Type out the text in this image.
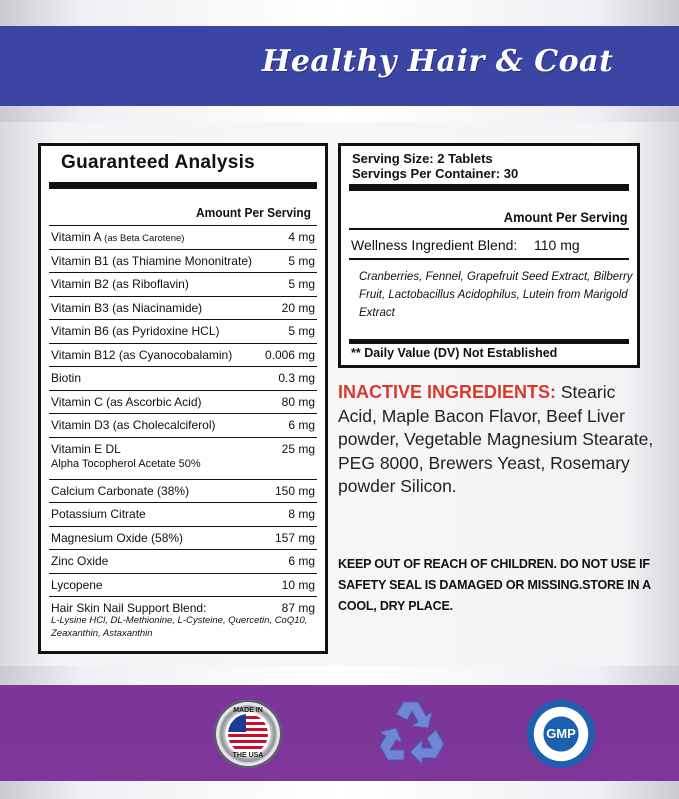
Healthy Hair & Coat
Guaranteed Analysis
Amount Per Serving
Vitamin A (as Beta Carotene)	4 mg
Vitamin B1 (as Thiamine Mononitrate)	5 mg
Vitamin B2 (as Riboflavin)	5 mg
Vitamin B3 (as Niacinamide)	20 mg
Vitamin B6 (as Pyridoxine HCL)	5 mg
Vitamin B12 (as Cyanocobalamin)	0.006 mg
Biotin	0.3 mg
Vitamin C (as Ascorbic Acid)	80 mg
Vitamin D3 (as Cholecalciferol)	6 mg
Vitamin E DL	25 mg
Alpha Tocopherol Acetate 50%
Calcium Carbonate (38%)	150 mg
Potassium Citrate	8 mg
Magnesium Oxide (58%)	157 mg
Zinc Oxide	6 mg
Lycopene	10 mg
Hair Skin Nail Support Blend:	87 mg
L-Lysine HCl, DL-Methionine, L-Cysteine, Quercetin, CoQ10, Zeaxanthin, Astaxanthin
Serving Size: 2 Tablets
Servings Per Container: 30
Amount Per Serving
Wellness Ingredient Blend: 110 mg
Cranberries, Fennel, Grapefruit Seed Extract, Bilberry Fruit, Lactobacillus Acidophilus, Lutein from Marigold Extract
** Daily Value (DV) Not Established
INACTIVE INGREDIENTS: Stearic Acid, Maple Bacon Flavor, Beef Liver powder, Vegetable Magnesium Stearate, PEG 8000, Brewers Yeast, Rosemary powder Silicon.
KEEP OUT OF REACH OF CHILDREN. DO NOT USE IF SAFETY SEAL IS DAMAGED OR MISSING.STORE IN A COOL, DRY PLACE.
MADE IN
THE USA
GMP
